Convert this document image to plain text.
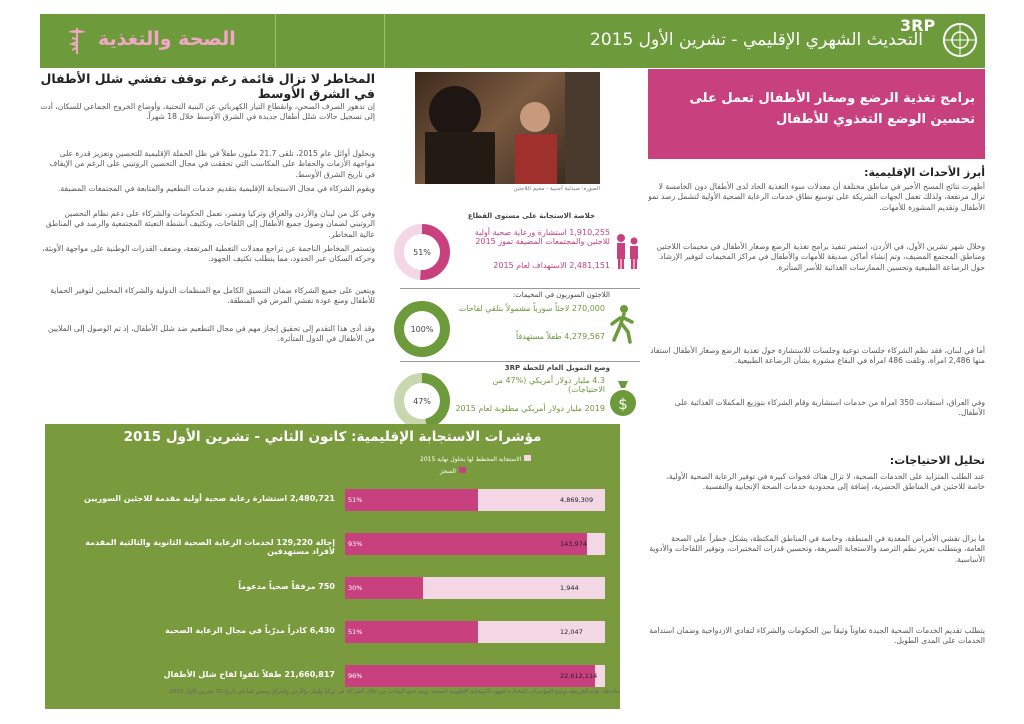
التحديث الشهري الإقليمي - تشرين الأول 2015
الصحة والتغذية
3RP
المخاطر لا تزال قائمة رغم توقف تفشي شلل الأطفال في الشرق الأوسط
إن تدهور الصرف الصحي، وانقطاع التيار الكهربائي عن البنية التحتية، وأوضاع الخروج الجماعي للسكان، أدت إلى تسجيل حالات شلل أطفال جديدة في الشرق الأوسط خلال 18 شهراً.
وبحلول أوائل عام 2015، تلقى 21.7 مليون طفلاً في ظل الحملة الإقليمية للتحصين وتعزيز قدرة على مواجهة الأزمات والحفاظ على المكاسب التي تحققت في مجال التحصين الروتيني على الرغم من الإيقاف في تاريخ الشرق الأوسط.
ويقوم الشركاء في مجال الاستجابة الإقليمية بتقديم خدمات التطعيم والمتابعة في المجتمعات المضيفة.
وفي كل من لبنان والأردن والعراق وتركيا ومصر، تعمل الحكومات والشركاء على دعم نظام التحصين الروتيني لضمان وصول جميع الأطفال إلى اللقاحات، وتكثيف أنشطة التعبئة المجتمعية والرصد في المناطق عالية المخاطر.
وتستمر المخاطر الناجمة عن تراجع معدلات التغطية المرتفعة، وضعف القدرات الوطنية على مواجهة الأوبئة، وحركة السكان عبر الحدود، مما يتطلب تكثيف الجهود.
ويتعين على جميع الشركاء ضمان التنسيق الكامل مع المنظمات الدولية والشركاء المحليين لتوفير الحماية للأطفال ومنع عودة تفشي المرض في المنطقة.
وقد أدى هذا التقدم إلى تحقيق إنجاز مهم في مجال التطعيم ضد شلل الأطفال، إذ تم الوصول إلى الملايين من الأطفال في الدول المتأثرة.
الصورة: صيدلية أجنبية - مخيم اللاجئين
خلاصة الاستجابة على مستوى القطاع
51%
1,910,255 استشارة ورعاية صحية أولية للاجئين والمجتمعات المضيفة تموز 2015
2,481,151 الاستهداف لعام 2015
اللاجئون السوريون في المخيمات:
100%
270,000 لاجئاً سورياً مشمولاً بتلقي لقاحات
4,279,567 طفلاً مستهدفاً
وضع التمويل العام للخطة 3RP
47%
4.3 مليار دولار أمريكي (%47 من الاحتياجات)
2019 مليار دولار أمريكي مطلوبة لعام 2015 $
مؤشرات الاستجابة الإقليمية: كانون الثاني - تشرين الأول 2015
الاستجابة المخطط لها بحلول نهاية 2015
المنجز
2,480,721 استشارة رعاية صحية أولية مقدمة للاجئين السوريين 51%	4,869,309
إحالة 129,220 لخدمات الرعاية الصحية الثانوية والثالثية المقدمة لأفراد مستهدفين
93%	143,974
750 مرفقاً صحياً مدعوماً 30%	1,944
6,430 كادراً مدرّباً في مجال الرعاية الصحية 51%	12,047
21,660,817 طفلاً تلقوا لقاح شلل الأطفال 96%	22,612,114
ملاحظة: هذه الخريطة توضح المؤشرات المختارة لجهود الاستجابة الإقليمية الصحية، ويتم جمع البيانات من خلال الشركاء في تركيا ولبنان والأردن والعراق ومصر كما في تاريخ 31 تشرين الأول 2015.
برامج تغذية الرضع وصغار الأطفال تعمل على تحسين الوضع التغذوي للأطفال
أبرز الأحداث الإقليمية:
أظهرت نتائج المسح الأخير في مناطق مختلفة أن معدلات سوء التغذية الحاد لدى الأطفال دون الخامسة لا تزال مرتفعة، ولذلك تعمل الجهات الشريكة على توسيع نطاق خدمات الرعاية الصحية الأولية لتشمل رصد نمو الأطفال وتقديم المشورة للأمهات.
وخلال شهر تشرين الأول، في الأردن، استمر تنفيذ برامج تغذية الرضع وصغار الأطفال في مخيمات اللاجئين ومناطق المجتمع المضيف، وتم إنشاء أماكن صديقة للأمهات والأطفال في مراكز المخيمات لتوفير الإرشاد حول الرضاعة الطبيعية وتحسين الممارسات الغذائية للأسر المتأثرة.
أما في لبنان، فقد نظم الشركاء جلسات توعية وجلسات للاستشارة حول تغذية الرضع وصغار الأطفال استفاد منها 2,486 امرأة، وتلقت 486 امرأة في البقاع مشورة بشأن الرضاعة الطبيعية.
وفي العراق، استفادت 350 امرأة من خدمات استشارية وقام الشركاء بتوزيع المكملات الغذائية على الأطفال.
تحليل الاحتياجات:
عند الطلب المتزايد على الخدمات الصحية، لا تزال هناك فجوات كبيرة في توفير الرعاية الصحية الأولية، خاصة للاجئين في المناطق الحضرية، إضافة إلى محدودية خدمات الصحة الإنجابية والنفسية.
ما يزال تفشي الأمراض المعدية في المنطقة، وخاصة في المناطق المكتظة، يشكل خطراً على الصحة العامة، ويتطلب تعزيز نظم الترصد والاستجابة السريعة، وتحسين قدرات المختبرات، وتوفير اللقاحات والأدوية الأساسية.
يتطلب تقديم الخدمات الصحية الجيدة تعاوناً وثيقاً بين الحكومات والشركاء لتفادي الازدواجية وضمان استدامة الخدمات على المدى الطويل.
